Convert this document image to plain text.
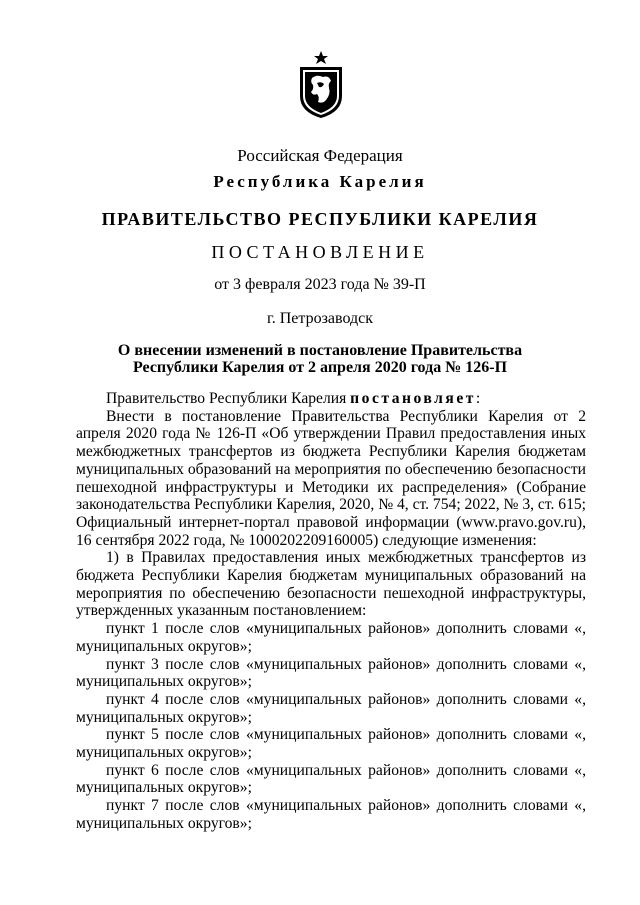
Российская Федерация
Республика Карелия
ПРАВИТЕЛЬСТВО РЕСПУБЛИКИ КАРЕЛИЯ
ПОСТАНОВЛЕНИЕ
от 3 февраля 2023 года № 39-П
г. Петрозаводск
О внесении изменений в постановление Правительства
Республики Карелия от 2 апреля 2020 года № 126-П

Правительство Республики Карелия постановляет:

Внести в постановление Правительства Республики Карелия от 2 апреля 2020 года № 126-П «Об утверждении Правил предоставления иных межбюджетных трансфертов из бюджета Республики Карелия бюджетам муниципальных образований на мероприятия по обеспечению безопасности пешеходной инфраструктуры и Методики их распределения» (Собрание законодательства Республики Карелия, 2020, № 4, ст. 754; 2022, № 3, ст. 615; Официальный интернет-портал правовой информации (www.pravo.gov.ru), 16 сентября 2022 года, № 1000202209160005) следующие изменения:

1) в Правилах предоставления иных межбюджетных трансфертов из бюджета Республики Карелия бюджетам муниципальных образований на мероприятия по обеспечению безопасности пешеходной инфраструктуры, утвержденных указанным постановлением:

пункт 1 после слов «муниципальных районов» дополнить словами «, муниципальных округов»;

пункт 3 после слов «муниципальных районов» дополнить словами «, муниципальных округов»;

пункт 4 после слов «муниципальных районов» дополнить словами «, муниципальных округов»;

пункт 5 после слов «муниципальных районов» дополнить словами «, муниципальных округов»;

пункт 6 после слов «муниципальных районов» дополнить словами «, муниципальных округов»;

пункт 7 после слов «муниципальных районов» дополнить словами «, муниципальных округов»;
